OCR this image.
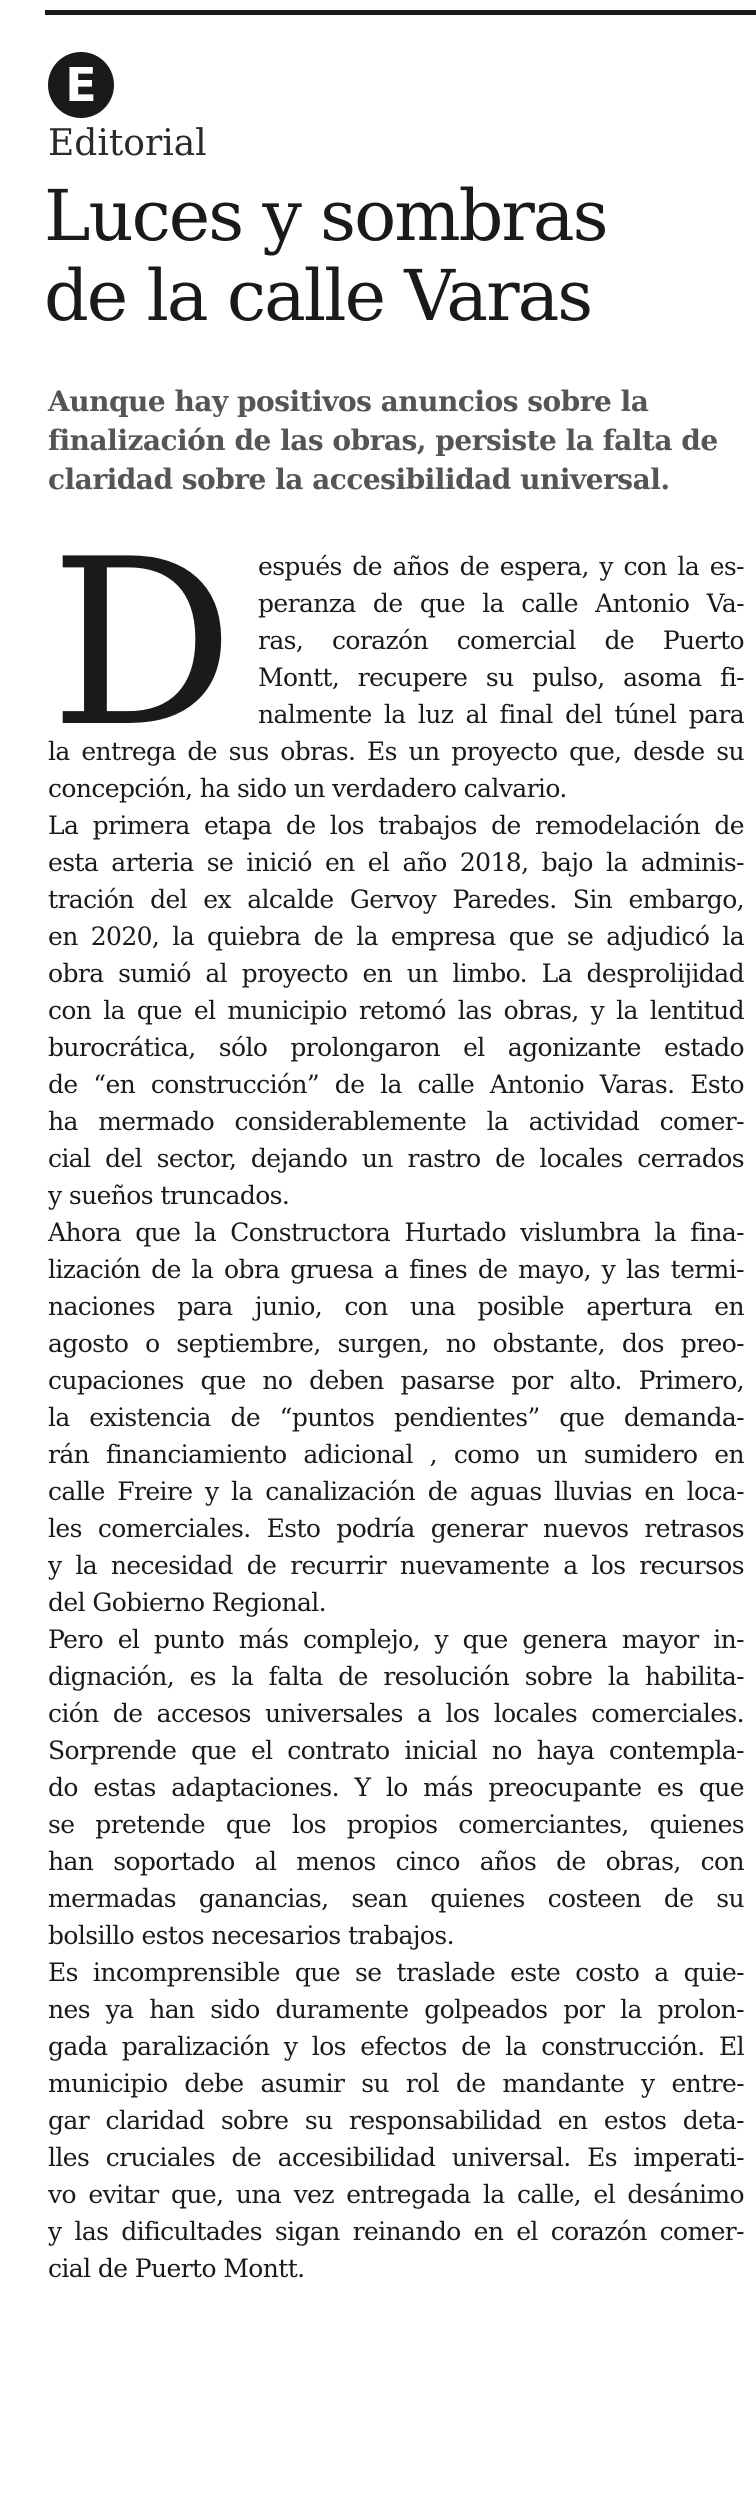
E
Editorial
Luces y sombras
de la calle Varas
Aunque hay positivos anuncios sobre la
finalización de las obras, persiste la falta de
claridad sobre la accesibilidad universal.
D espués de años de espera, y con la es-
peranza de que la calle Antonio Va-
ras, corazón comercial de Puerto
Montt, recupere su pulso, asoma fi-
nalmente la luz al final del túnel para
la entrega de sus obras. Es un proyecto que, desde su
concepción, ha sido un verdadero calvario.
La primera etapa de los trabajos de remodelación de
esta arteria se inició en el año 2018, bajo la adminis-
tración del ex alcalde Gervoy Paredes. Sin embargo,
en 2020, la quiebra de la empresa que se adjudicó la
obra sumió al proyecto en un limbo. La desprolijidad
con la que el municipio retomó las obras, y la lentitud
burocrática, sólo prolongaron el agonizante estado
de “en construcción” de la calle Antonio Varas. Esto
ha mermado considerablemente la actividad comer-
cial del sector, dejando un rastro de locales cerrados
y sueños truncados.
Ahora que la Constructora Hurtado vislumbra la fina-
lización de la obra gruesa a fines de mayo, y las termi-
naciones para junio, con una posible apertura en
agosto o septiembre, surgen, no obstante, dos preo-
cupaciones que no deben pasarse por alto. Primero,
la existencia de “puntos pendientes” que demanda-
rán financiamiento adicional , como un sumidero en
calle Freire y la canalización de aguas lluvias en loca-
les comerciales. Esto podría generar nuevos retrasos
y la necesidad de recurrir nuevamente a los recursos
del Gobierno Regional.
Pero el punto más complejo, y que genera mayor in-
dignación, es la falta de resolución sobre la habilita-
ción de accesos universales a los locales comerciales.
Sorprende que el contrato inicial no haya contempla-
do estas adaptaciones. Y lo más preocupante es que
se pretende que los propios comerciantes, quienes
han soportado al menos cinco años de obras, con
mermadas ganancias, sean quienes costeen de su
bolsillo estos necesarios trabajos.
Es incomprensible que se traslade este costo a quie-
nes ya han sido duramente golpeados por la prolon-
gada paralización y los efectos de la construcción. El
municipio debe asumir su rol de mandante y entre-
gar claridad sobre su responsabilidad en estos deta-
lles cruciales de accesibilidad universal. Es imperati-
vo evitar que, una vez entregada la calle, el desánimo
y las dificultades sigan reinando en el corazón comer-
cial de Puerto Montt.
